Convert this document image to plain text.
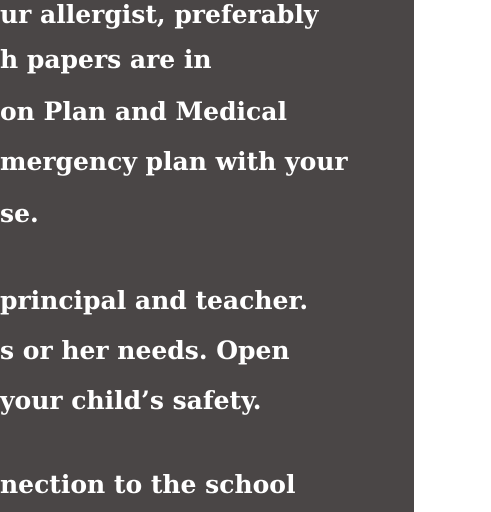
ur allergist, preferably
h papers are in
on Plan and Medical
mergency plan with your
se.
principal and teacher.
s or her needs. Open
your child’s safety.
nection to the school
